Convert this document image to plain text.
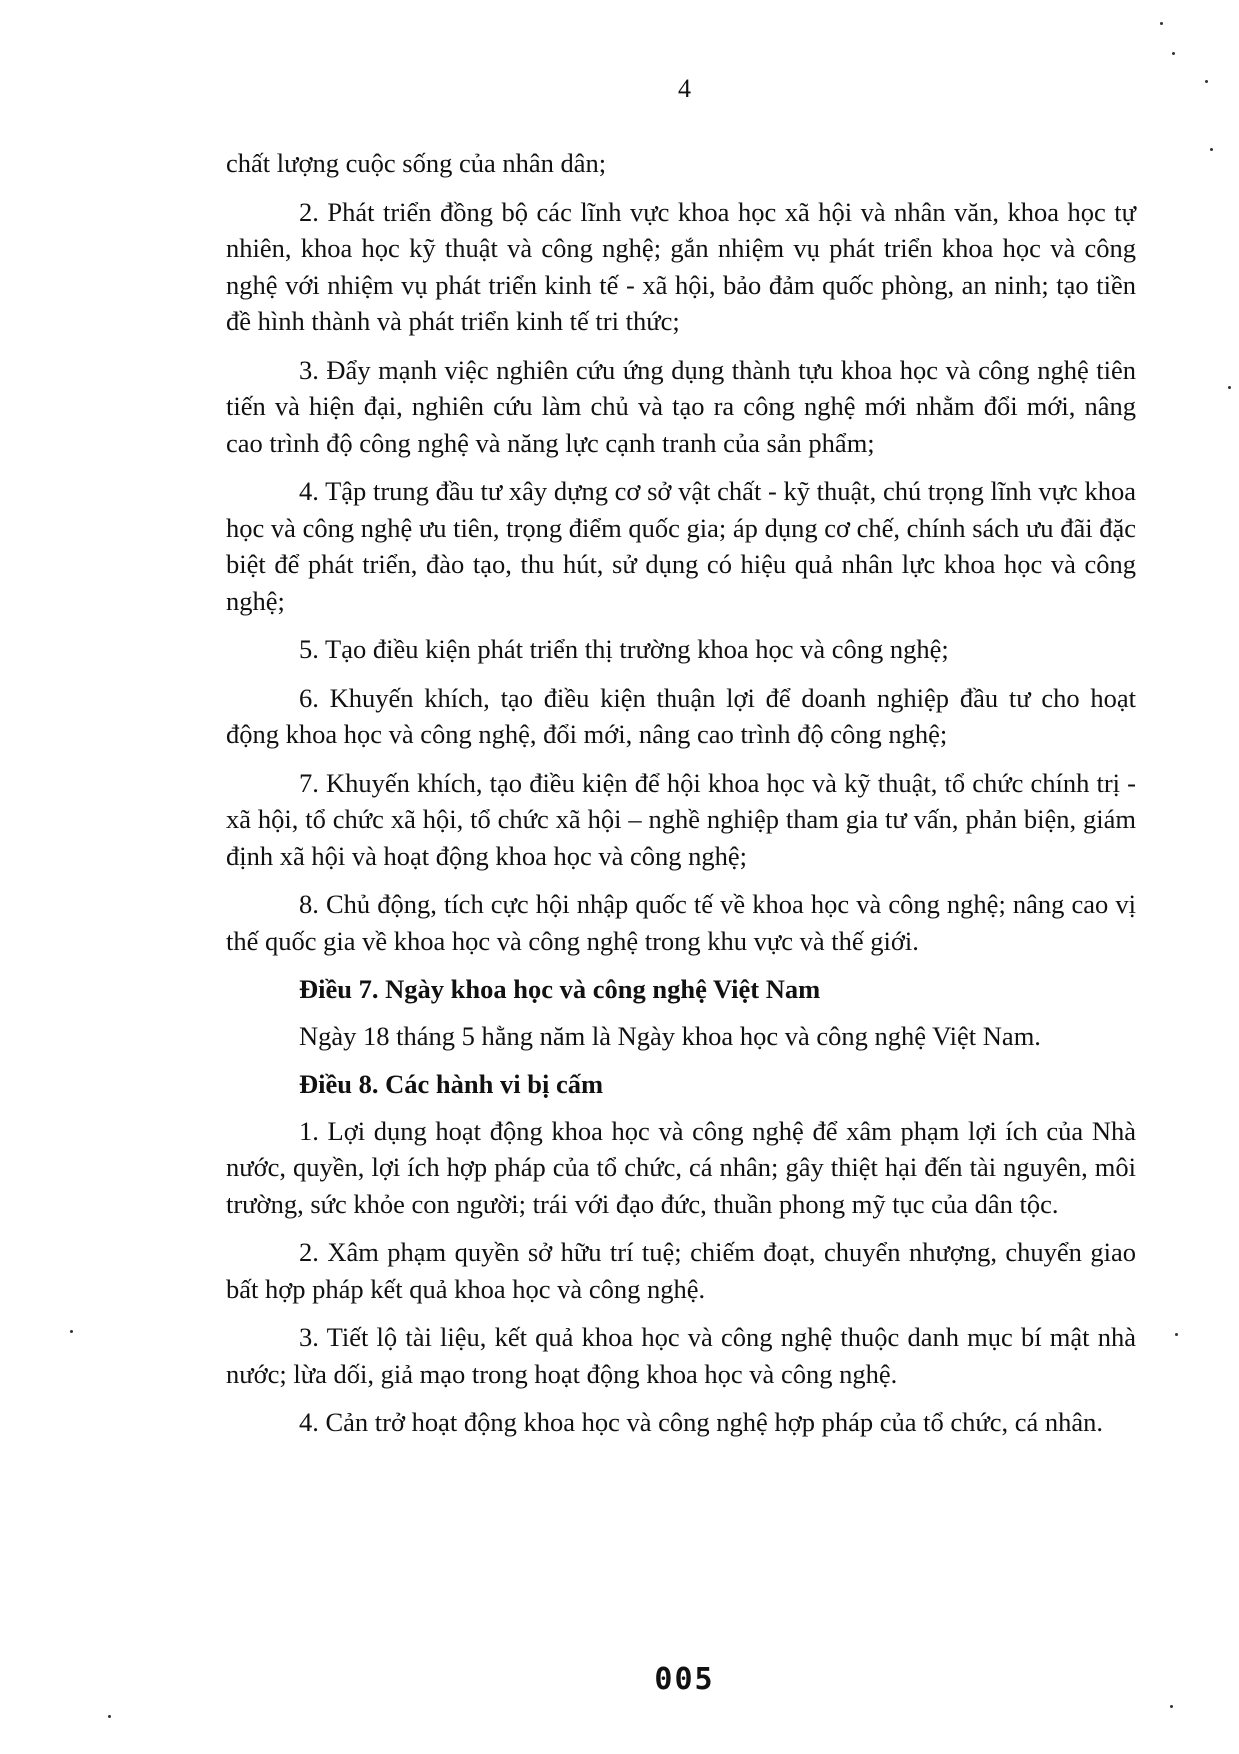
4

chất lượng cuộc sống của nhân dân;

2. Phát triển đồng bộ các lĩnh vực khoa học xã hội và nhân văn, khoa học tự nhiên, khoa học kỹ thuật và công nghệ; gắn nhiệm vụ phát triển khoa học và công nghệ với nhiệm vụ phát triển kinh tế - xã hội, bảo đảm quốc phòng, an ninh; tạo tiền đề hình thành và phát triển kinh tế tri thức;

3. Đẩy mạnh việc nghiên cứu ứng dụng thành tựu khoa học và công nghệ tiên tiến và hiện đại, nghiên cứu làm chủ và tạo ra công nghệ mới nhằm đổi mới, nâng cao trình độ công nghệ và năng lực cạnh tranh của sản phẩm;

4. Tập trung đầu tư xây dựng cơ sở vật chất - kỹ thuật, chú trọng lĩnh vực khoa học và công nghệ ưu tiên, trọng điểm quốc gia; áp dụng cơ chế, chính sách ưu đãi đặc biệt để phát triển, đào tạo, thu hút, sử dụng có hiệu quả nhân lực khoa học và công nghệ;

5. Tạo điều kiện phát triển thị trường khoa học và công nghệ;

6. Khuyến khích, tạo điều kiện thuận lợi để doanh nghiệp đầu tư cho hoạt động khoa học và công nghệ, đổi mới, nâng cao trình độ công nghệ;

7. Khuyến khích, tạo điều kiện để hội khoa học và kỹ thuật, tổ chức chính trị - xã hội, tổ chức xã hội, tổ chức xã hội – nghề nghiệp tham gia tư vấn, phản biện, giám định xã hội và hoạt động khoa học và công nghệ;

8. Chủ động, tích cực hội nhập quốc tế về khoa học và công nghệ; nâng cao vị thế quốc gia về khoa học và công nghệ trong khu vực và thế giới.

Điều 7. Ngày khoa học và công nghệ Việt Nam

Ngày 18 tháng 5 hằng năm là Ngày khoa học và công nghệ Việt Nam.

Điều 8. Các hành vi bị cấm

1. Lợi dụng hoạt động khoa học và công nghệ để xâm phạm lợi ích của Nhà nước, quyền, lợi ích hợp pháp của tổ chức, cá nhân; gây thiệt hại đến tài nguyên, môi trường, sức khỏe con người; trái với đạo đức, thuần phong mỹ tục của dân tộc.

2. Xâm phạm quyền sở hữu trí tuệ; chiếm đoạt, chuyển nhượng, chuyển giao bất hợp pháp kết quả khoa học và công nghệ.

3. Tiết lộ tài liệu, kết quả khoa học và công nghệ thuộc danh mục bí mật nhà nước; lừa dối, giả mạo trong hoạt động khoa học và công nghệ.

4. Cản trở hoạt động khoa học và công nghệ hợp pháp của tổ chức, cá nhân.

005
